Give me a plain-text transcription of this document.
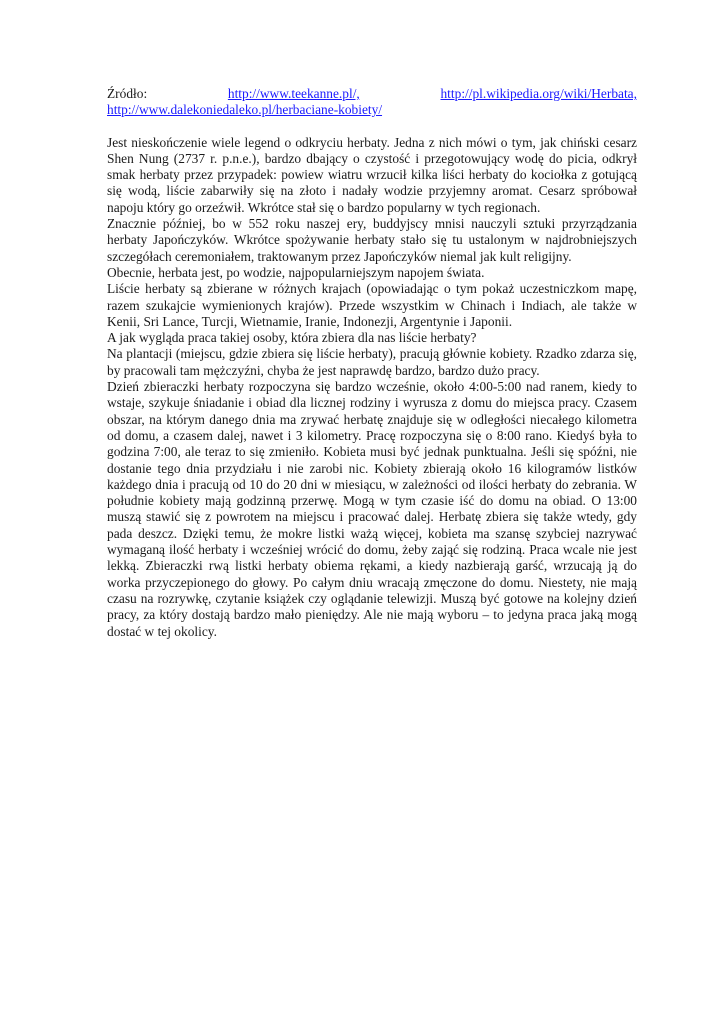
Źródło:	http://www.teekanne.pl/,	http://pl.wikipedia.org/wiki/Herbata,
http://www.dalekoniedaleko.pl/herbaciane-kobiety/

Jest nieskończenie wiele legend o odkryciu herbaty. Jedna z nich mówi o tym, jak chiński cesarz Shen Nung (2737 r. p.n.e.), bardzo dbający o czystość i przegotowujący wodę do picia, odkrył smak herbaty przez przypadek: powiew wiatru wrzucił kilka liści herbaty do kociołka z gotującą się wodą, liście zabarwiły się na złoto i nadały wodzie przyjemny aromat. Cesarz spróbował napoju który go orzeźwił. Wkrótce stał się o bardzo popularny w tych regionach.

Znacznie później, bo w 552 roku naszej ery, buddyjscy mnisi nauczyli sztuki przyrządzania herbaty Japończyków. Wkrótce spożywanie herbaty stało się tu ustalonym w najdrobniejszych szczegółach ceremoniałem, traktowanym przez Japończyków niemal jak kult religijny.

Obecnie, herbata jest, po wodzie, najpopularniejszym napojem świata.

Liście herbaty są zbierane w różnych krajach (opowiadając o tym pokaż uczestniczkom mapę, razem szukajcie wymienionych krajów). Przede wszystkim w Chinach i Indiach, ale także w Kenii, Sri Lance, Turcji, Wietnamie, Iranie, Indonezji, Argentynie i Japonii.

A jak wygląda praca takiej osoby, która zbiera dla nas liście herbaty?

Na plantacji (miejscu, gdzie zbiera się liście herbaty), pracują głównie kobiety. Rzadko zdarza się, by pracowali tam mężczyźni, chyba że jest naprawdę bardzo, bardzo dużo pracy.

Dzień zbieraczki herbaty rozpoczyna się bardzo wcześnie, około 4:00-5:00 nad ranem, kiedy to wstaje, szykuje śniadanie i obiad dla licznej rodziny i wyrusza z domu do miejsca pracy. Czasem obszar, na którym danego dnia ma zrywać herbatę znajduje się w odległości niecałego kilometra od domu, a czasem dalej, nawet i 3 kilometry. Pracę rozpoczyna się o 8:00 rano. Kiedyś była to godzina 7:00, ale teraz to się zmieniło. Kobieta musi być jednak punktualna. Jeśli się spóźni, nie dostanie tego dnia przydziału i nie zarobi nic. Kobiety zbierają około 16 kilogramów listków każdego dnia i pracują od 10 do 20 dni w miesiącu, w zależności od ilości herbaty do zebrania. W południe kobiety mają godzinną przerwę. Mogą w tym czasie iść do domu na obiad. O 13:00 muszą stawić się z powrotem na miejscu i pracować dalej. Herbatę zbiera się także wtedy, gdy pada deszcz. Dzięki temu, że mokre listki ważą więcej, kobieta ma szansę szybciej nazrywać wymaganą ilość herbaty i wcześniej wrócić do domu, żeby zająć się rodziną. Praca wcale nie jest lekką. Zbieraczki rwą listki herbaty obiema rękami, a kiedy nazbierają garść, wrzucają ją do worka przyczepionego do głowy. Po całym dniu wracają zmęczone do domu. Niestety, nie mają czasu na rozrywkę, czytanie książek czy oglądanie telewizji. Muszą być gotowe na kolejny dzień pracy, za który dostają bardzo mało pieniędzy. Ale nie mają wyboru – to jedyna praca jaką mogą dostać w tej okolicy.
